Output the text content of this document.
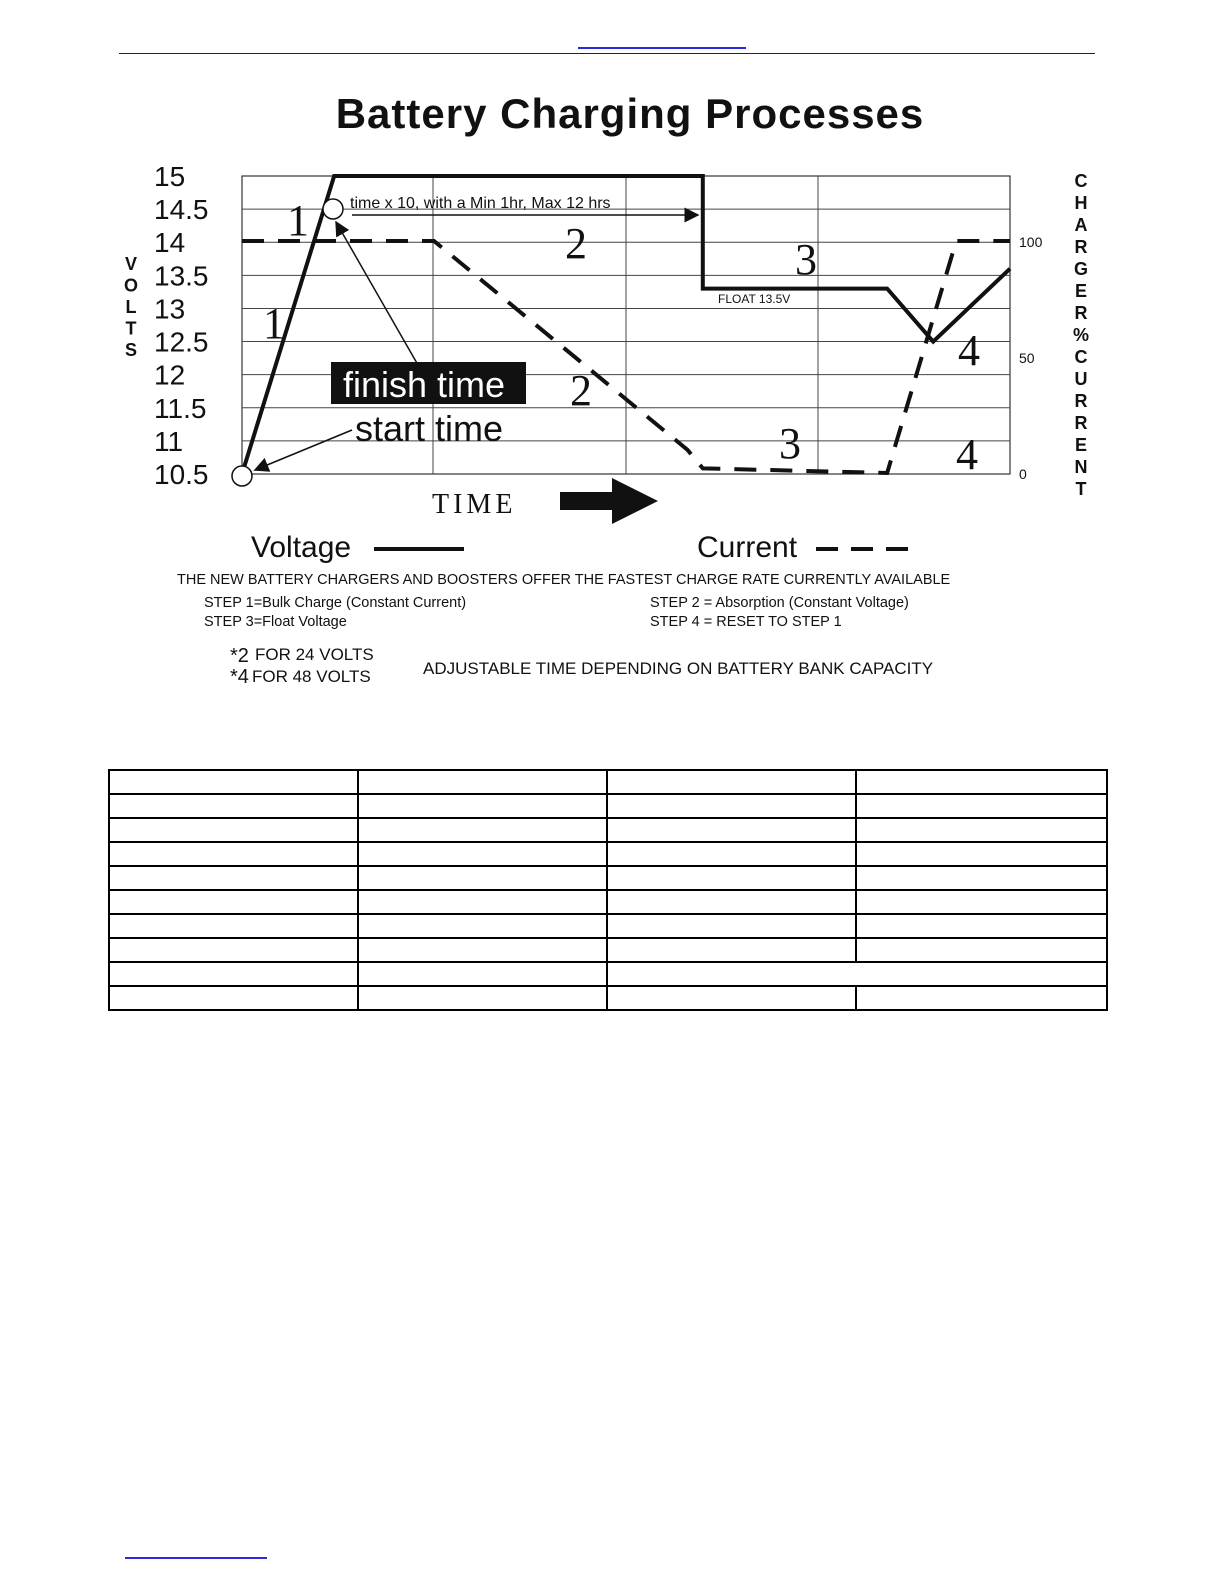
Battery Charging Processes
15
14.5
14
13.5
13
12.5
12
11.5
11
10.5
100
50
0
V
O
L
T
S
C
H
A
R
G
E
R
%
C
U
R
R
E
N
T
time x 10, with a Min 1hr, Max 12 hrs
FLOAT 13.5V
finish time
start time
1
1
2	3
4
2
3	4
TIME
Voltage	Current
THE NEW BATTERY CHARGERS AND BOOSTERS OFFER THE FASTEST CHARGE RATE CURRENTLY AVAILABLE
STEP 1=Bulk Charge (Constant Current)	STEP 2 = Absorption (Constant Voltage)
STEP 3=Float Voltage	STEP 4 = RESET TO STEP 1
*2 FOR 24 VOLTS
*4 FOR 48 VOLTS	ADJUSTABLE TIME DEPENDING ON BATTERY BANK CAPACITY
